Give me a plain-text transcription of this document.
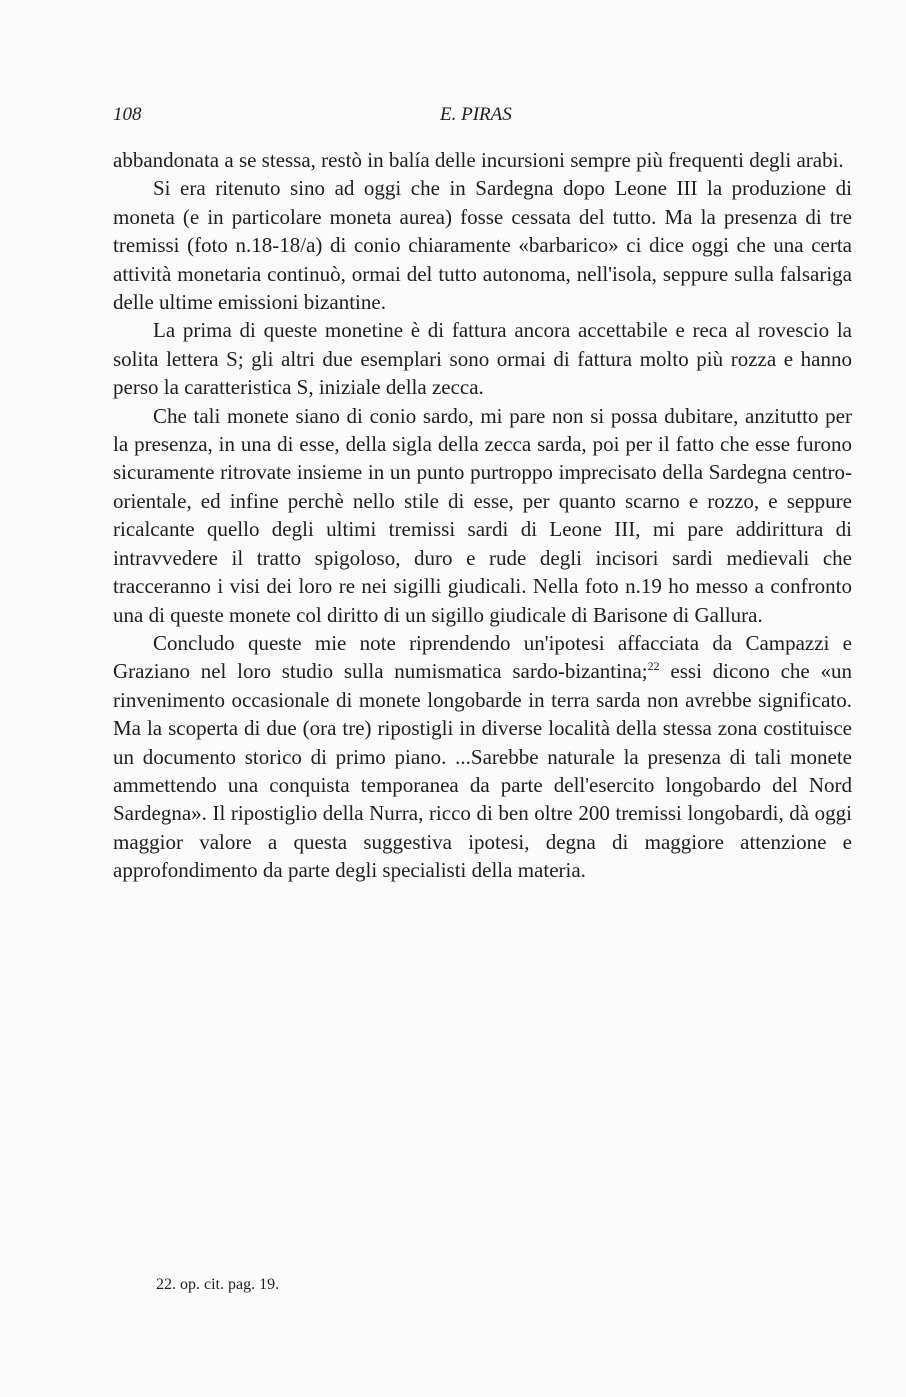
108	E. PIRAS

abbandonata a se stessa, restò in balía delle incursioni sempre più frequenti degli arabi.

Si era ritenuto sino ad oggi che in Sardegna dopo Leone III la produzione di moneta (e in particolare moneta aurea) fosse cessata del tutto. Ma la presenza di tre tremissi (foto n.18-18/a) di conio chiaramente «barbarico» ci dice oggi che una certa attività monetaria continuò, ormai del tutto autonoma, nell'isola, seppure sulla falsariga delle ultime emissioni bizantine.

La prima di queste monetine è di fattura ancora accettabile e reca al rovescio la solita lettera S; gli altri due esemplari sono ormai di fattura molto più rozza e hanno perso la caratteristica S, iniziale della zecca.

Che tali monete siano di conio sardo, mi pare non si possa dubitare, anzitutto per la presenza, in una di esse, della sigla della zecca sarda, poi per il fatto che esse furono sicuramente ritrovate insieme in un punto purtroppo imprecisato della Sardegna centro-orientale, ed infine perchè nello stile di esse, per quanto scarno e rozzo, e seppure ricalcante quello degli ultimi tremissi sardi di Leone III, mi pare addirittura di intravvedere il tratto spigoloso, duro e rude degli incisori sardi medievali che tracceranno i visi dei loro re nei sigilli giudicali. Nella foto n.19 ho messo a confronto una di queste monete col diritto di un sigillo giudicale di Barisone di Gallura.

Concludo queste mie note riprendendo un'ipotesi affacciata da Campazzi e Graziano nel loro studio sulla numismatica sardo-bizantina;$^{22}$ essi dicono che «un rinvenimento occasionale di monete longobarde in terra sarda non avrebbe significato. Ma la scoperta di due (ora tre) ripostigli in diverse località della stessa zona costituisce un documento storico di primo piano. ...Sarebbe naturale la presenza di tali monete ammettendo una conquista temporanea da parte dell'esercito longobardo del Nord Sardegna». Il ripostiglio della Nurra, ricco di ben oltre 200 tremissi longobardi, dà oggi maggior valore a questa suggestiva ipotesi, degna di maggiore attenzione e approfondimento da parte degli specialisti della materia.

22. op. cit. pag. 19.
